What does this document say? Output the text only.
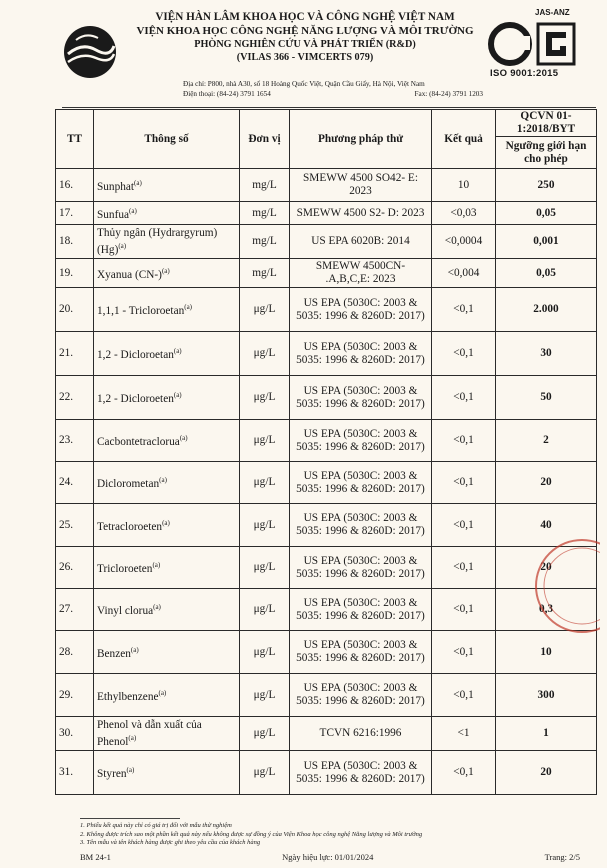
VIỆN HÀN LÂM KHOA HỌC VÀ CÔNG NGHỆ VIỆT NAM
VIỆN KHOA HỌC CÔNG NGHỆ NĂNG LƯỢNG VÀ MÔI TRƯỜNG
PHÒNG NGHIÊN CỨU VÀ PHÁT TRIỂN (R&D)
(VILAS 366 - VIMCERTS 079)
Địa chỉ: P800, nhà A30, số 18 Hoàng Quốc Việt, Quận Cầu Giấy, Hà Nội, Việt Nam
Điện thoại: (84-24) 3791 1654	Fax: (84-24) 3791 1203
JAS-ANZ
ISO 9001:2015
TT	Thông số	Đơn vị	Phương pháp thử	Kết quả	QCVN 01-1:2018/BYT
					Ngưỡng giới hạn cho phép
16.	Sunphat$^{(a)}$	mg/L	SMEWW 4500 SO42- E: 2023	10	250
17.	Sunfua$^{(a)}$	mg/L	SMEWW 4500 S2- D: 2023	<0,03	0,05
18.	Thủy ngân (Hydrargyrum) $(Hg)^{(a)}$	mg/L	US EPA 6020B: 2014	<0,0004	0,001
19.	Xyanua $(CN-)^{(a)}$	mg/L	SMEWW 4500CN- .A,B,C,E: 2023	<0,004	0,05
20.	1,1,1 - Tricloroetan$^{(a)}$	μg/L	US EPA (5030C: 2003 & 5035: 1996 & 8260D: 2017)	<0,1	2.000
21.	1,2 - Dicloroetan$^{(a)}$	μg/L	US EPA (5030C: 2003 & 5035: 1996 & 8260D: 2017)	<0,1	30
22.	1,2 - Dicloroeten$^{(a)}$	μg/L	US EPA (5030C: 2003 & 5035: 1996 & 8260D: 2017)	<0,1	50
23.	Cacbontetraclorua$^{(a)}$	μg/L	US EPA (5030C: 2003 & 5035: 1996 & 8260D: 2017)	<0,1	2
24.	Diclorometan$^{(a)}$	μg/L	US EPA (5030C: 2003 & 5035: 1996 & 8260D: 2017)	<0,1	20
25.	Tetracloroeten$^{(a)}$	μg/L	US EPA (5030C: 2003 & 5035: 1996 & 8260D: 2017)	<0,1	40
26.	Tricloroeten$^{(a)}$	μg/L	US EPA (5030C: 2003 & 5035: 1996 & 8260D: 2017)	<0,1	20
27.	Vinyl clorua$^{(a)}$	μg/L	US EPA (5030C: 2003 & 5035: 1996 & 8260D: 2017)	<0,1	0,3
28.	Benzen$^{(a)}$	μg/L	US EPA (5030C: 2003 & 5035: 1996 & 8260D: 2017)	<0,1	10
29.	Ethylbenzene$^{(a)}$	μg/L	US EPA (5030C: 2003 & 5035: 1996 & 8260D: 2017)	<0,1	300
30.	Phenol và dẫn xuất của Phenol$^{(a)}$	μg/L	TCVN 6216:1996	<1	1
31.	Styren$^{(a)}$	μg/L	US EPA (5030C: 2003 & 5035: 1996 & 8260D: 2017)	<0,1	20
1. Phiếu kết quả này chỉ có giá trị đối với mẫu thử nghiệm
2. Không được trích sao một phần kết quả này nếu không được sự đồng ý của Viện Khoa học công nghệ Năng lượng và Môi trường
3. Tên mẫu và tên khách hàng được ghi theo yêu cầu của khách hàng
BM 24-1	Ngày hiệu lực: 01/01/2024	Trang: 2/5
